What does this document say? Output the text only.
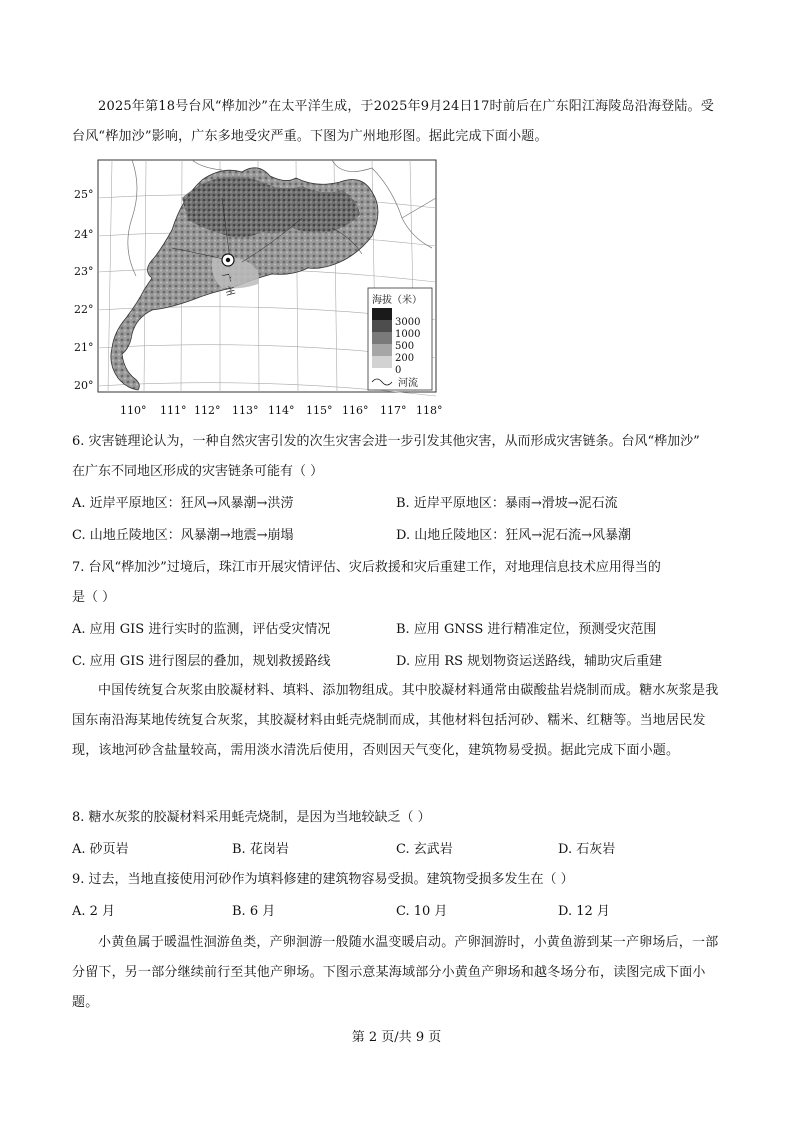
2025年第18号台风“桦加沙”在太平洋生成，于2025年9月24日17时前后在广东阳江海陵岛沿海登陆。受台风“桦加沙”影响，广东多地受灾严重。下图为广州地形图。据此完成下面小题。

广 州
25°
24°
23°
22°
21°
20°
110° 111° 112° 113° 114° 115° 116° 117° 118°
海拔（米）
3000
1000
500
200
0
河流
6. 灾害链理论认为，一种自然灾害引发的次生灾害会进一步引发其他灾害，从而形成灾害链条。台风“桦加沙”
在广东不同地区形成的灾害链条可能有（ ）
A. 近岸平原地区：狂风→风暴潮→洪涝	B. 近岸平原地区：暴雨→滑坡→泥石流
C. 山地丘陵地区：风暴潮→地震→崩塌	D. 山地丘陵地区：狂风→泥石流→风暴潮
7. 台风“桦加沙”过境后，珠江市开展灾情评估、灾后救援和灾后重建工作，对地理信息技术应用得当的
是（ ）
A. 应用 GIS 进行实时的监测，评估受灾情况	B. 应用 GNSS 进行精准定位，预测受灾范围
C. 应用 GIS 进行图层的叠加，规划救援路线	D. 应用 RS 规划物资运送路线，辅助灾后重建

中国传统复合灰浆由胶凝材料、填料、添加物组成。其中胶凝材料通常由碳酸盐岩烧制而成。糖水灰浆是我国东南沿海某地传统复合灰浆，其胶凝材料由蚝壳烧制而成，其他材料包括河砂、糯米、红糖等。当地居民发现，该地河砂含盐量较高，需用淡水清洗后使用，否则因天气变化，建筑物易受损。据此完成下面小题。

8. 糖水灰浆的胶凝材料采用蚝壳烧制，是因为当地较缺乏（ ）
A. 砂页岩	B. 花岗岩	C. 玄武岩	D. 石灰岩
9. 过去，当地直接使用河砂作为填料修建的建筑物容易受损。建筑物受损多发生在（ ）
A. 2 月	B. 6 月	C. 10 月	D. 12 月

小黄鱼属于暖温性洄游鱼类，产卵洄游一般随水温变暖启动。产卵洄游时，小黄鱼游到某一产卵场后，一部分留下，另一部分继续前行至其他产卵场。下图示意某海域部分小黄鱼产卵场和越冬场分布，读图完成下面小题。

第 2 页/共 9 页
